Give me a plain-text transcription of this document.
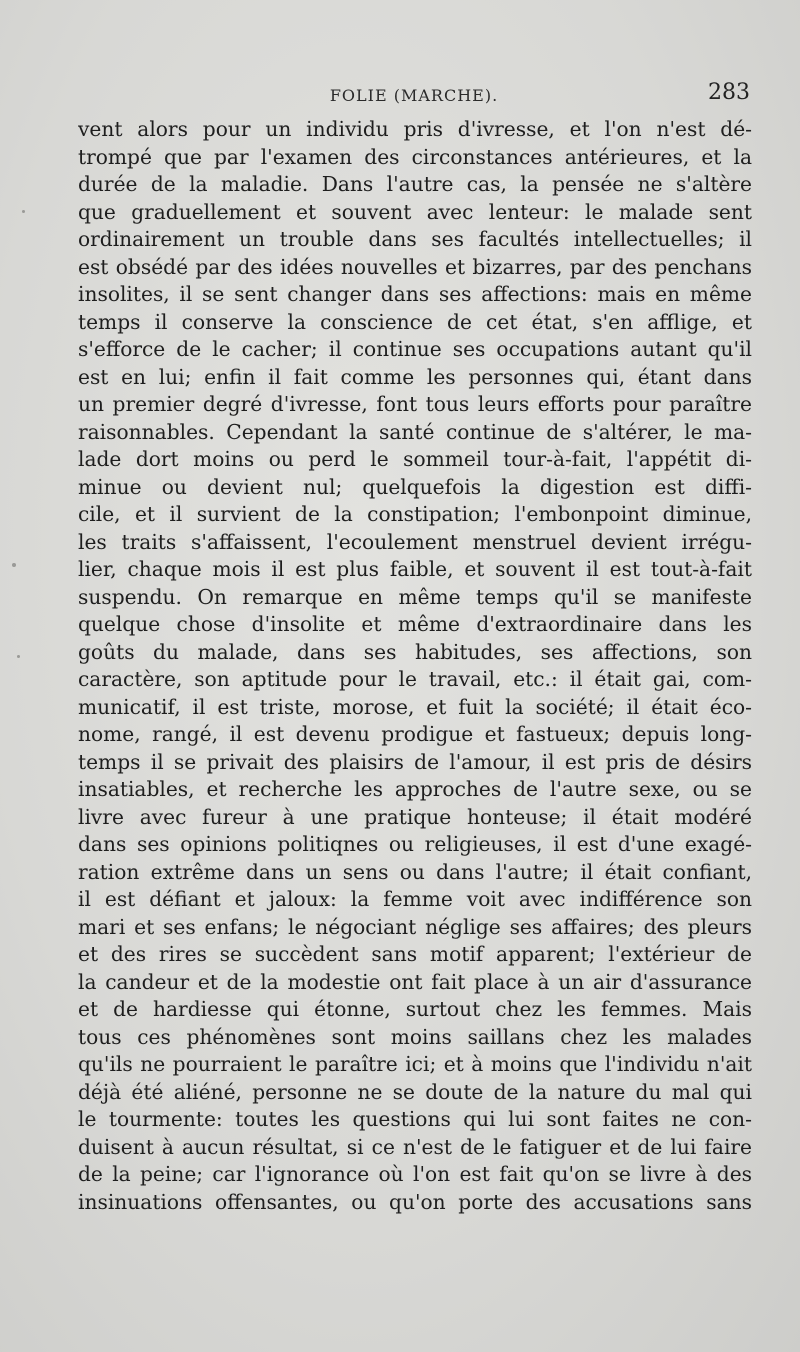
FOLIE (MARCHE).	283
vent alors pour un individu pris d'ivresse, et l'on n'est dé-
trompé que par l'examen des circonstances antérieures, et la
durée de la maladie. Dans l'autre cas, la pensée ne s'altère
que graduellement et souvent avec lenteur: le malade sent
ordinairement un trouble dans ses facultés intellectuelles; il
est obsédé par des idées nouvelles et bizarres, par des penchans
insolites, il se sent changer dans ses affections: mais en même
temps il conserve la conscience de cet état, s'en afflige, et
s'efforce de le cacher; il continue ses occupations autant qu'il
est en lui; enfin il fait comme les personnes qui, étant dans
un premier degré d'ivresse, font tous leurs efforts pour paraître
raisonnables. Cependant la santé continue de s'altérer, le ma-
lade dort moins ou perd le sommeil tour-à-fait, l'appétit di-
minue ou devient nul; quelquefois la digestion est diffi-
cile, et il survient de la constipation; l'embonpoint diminue,
les traits s'affaissent, l'ecoulement menstruel devient irrégu-
lier, chaque mois il est plus faible, et souvent il est tout-à-fait
suspendu. On remarque en même temps qu'il se manifeste
quelque chose d'insolite et même d'extraordinaire dans les
goûts du malade, dans ses habitudes, ses affections, son
caractère, son aptitude pour le travail, etc.: il était gai, com-
municatif, il est triste, morose, et fuit la société; il était éco-
nome, rangé, il est devenu prodigue et fastueux; depuis long-
temps il se privait des plaisirs de l'amour, il est pris de désirs
insatiables, et recherche les approches de l'autre sexe, ou se
livre avec fureur à une pratique honteuse; il était modéré
dans ses opinions politiqnes ou religieuses, il est d'une exagé-
ration extrême dans un sens ou dans l'autre; il était confiant,
il est défiant et jaloux: la femme voit avec indifférence son
mari et ses enfans; le négociant néglige ses affaires; des pleurs
et des rires se succèdent sans motif apparent; l'extérieur de
la candeur et de la modestie ont fait place à un air d'assurance
et de hardiesse qui étonne, surtout chez les femmes. Mais
tous ces phénomènes sont moins saillans chez les malades
qu'ils ne pourraient le paraître ici; et à moins que l'individu n'ait
déjà été aliéné, personne ne se doute de la nature du mal qui
le tourmente: toutes les questions qui lui sont faites ne con-
duisent à aucun résultat, si ce n'est de le fatiguer et de lui faire
de la peine; car l'ignorance où l'on est fait qu'on se livre à des
insinuations offensantes, ou qu'on porte des accusations sans
